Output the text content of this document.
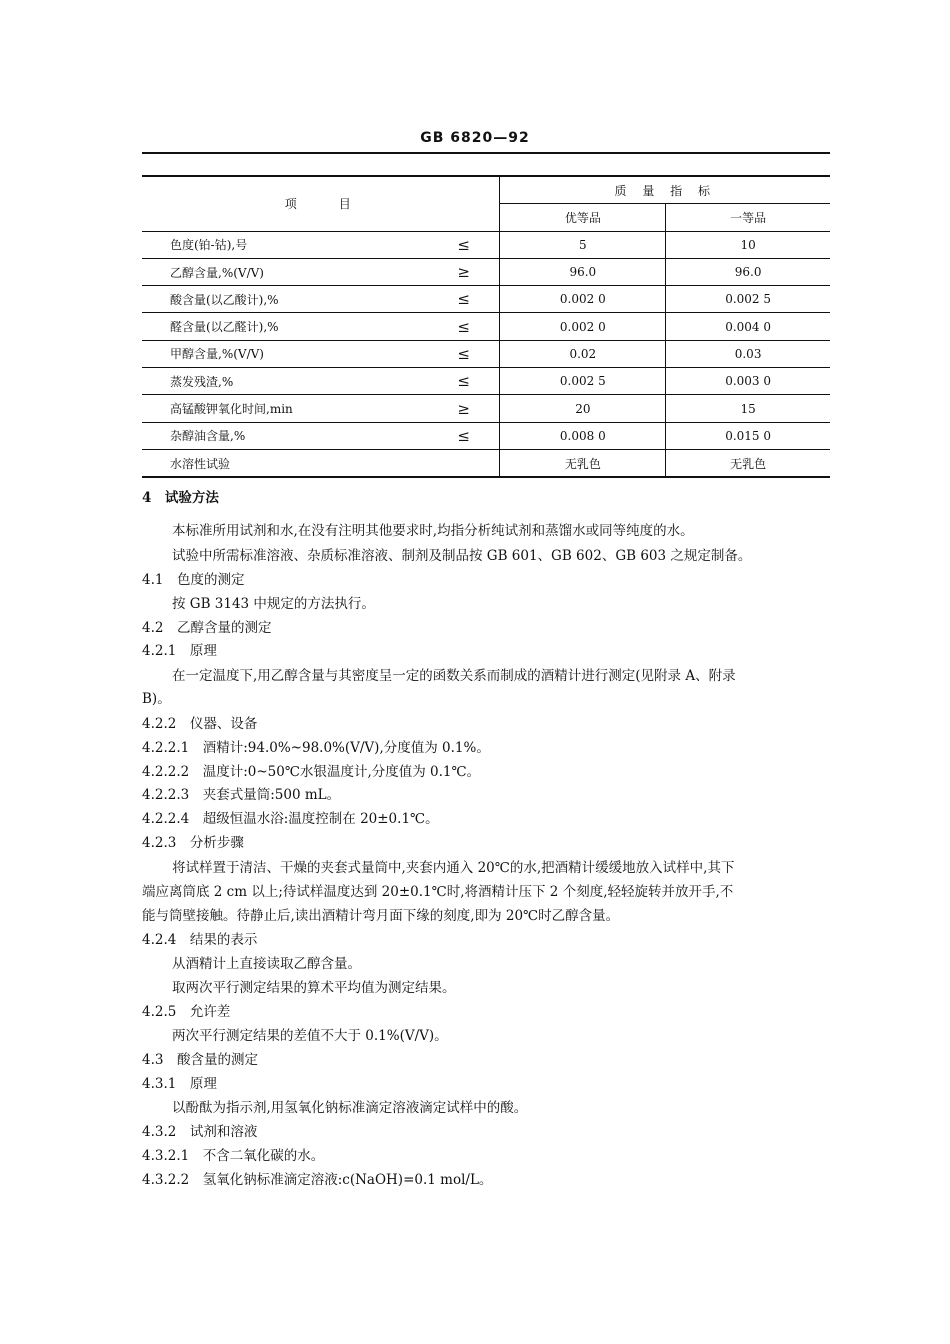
GB 6820—92
项　　目		质 量 指 标	
		优等品	一等品
色度(铂-钴),号	≤	5	10
乙醇含量,%(V/V)	≥	96.0	96.0
酸含量(以乙酸计),%	≤	0.002 0	0.002 5
醛含量(以乙醛计),%	≤	0.002 0	0.004 0
甲醇含量,%(V/V)	≤	0.02	0.03
蒸发残渣,%	≤	0.002 5	0.003 0
高锰酸钾氧化时间,min	≥	20	15
杂醇油含量,%	≤	0.008 0	0.015 0
水溶性试验		无乳色	无乳色
4　试验方法
本标准所用试剂和水,在没有注明其他要求时,均指分析纯试剂和蒸馏水或同等纯度的水。
试验中所需标准溶液、杂质标准溶液、制剂及制品按 GB 601、GB 602、GB 603 之规定制备。
4.1　色度的测定
按 GB 3143 中规定的方法执行。
4.2　乙醇含量的测定
4.2.1　原理
在一定温度下,用乙醇含量与其密度呈一定的函数关系而制成的酒精计进行测定(见附录 A、附录
B)。
4.2.2　仪器、设备
4.2.2.1　酒精计:94.0%~98.0%(V/V),分度值为 0.1%。
4.2.2.2　温度计:0~50℃水银温度计,分度值为 0.1℃。
4.2.2.3　夹套式量筒:500 mL。
4.2.2.4　超级恒温水浴:温度控制在 20±0.1℃。
4.2.3　分析步骤
将试样置于清洁、干燥的夹套式量筒中,夹套内通入 20℃的水,把酒精计缓缓地放入试样中,其下
端应离筒底 2 cm 以上;待试样温度达到 20±0.1℃时,将酒精计压下 2 个刻度,轻轻旋转并放开手,不
能与筒壁接触。待静止后,读出酒精计弯月面下缘的刻度,即为 20℃时乙醇含量。
4.2.4　结果的表示
从酒精计上直接读取乙醇含量。
取两次平行测定结果的算术平均值为测定结果。
4.2.5　允许差
两次平行测定结果的差值不大于 0.1%(V/V)。
4.3　酸含量的测定
4.3.1　原理
以酚酞为指示剂,用氢氧化钠标准滴定溶液滴定试样中的酸。
4.3.2　试剂和溶液
4.3.2.1　不含二氧化碳的水。
4.3.2.2　氢氧化钠标准滴定溶液:c(NaOH)=0.1 mol/L。
